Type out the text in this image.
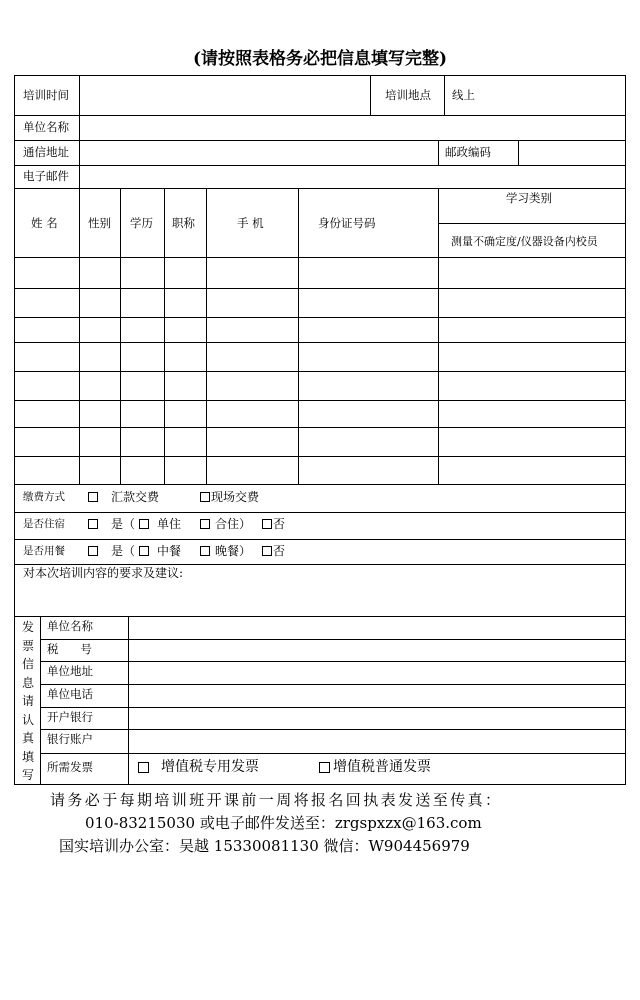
(请按照表格务必把信息填写完整)
培训时间	培训地点 线上
单位名称
通信地址	邮政编码
电子邮件
姓 名	性别 学历 职称	手 机	身份证号码
学习类别
测量不确定度/仪器设备内校员
缴费方式	汇款交费	现场交费
是否住宿	是（ 单住	合住） 否
是否用餐	是（ 中餐	晚餐） 否
对本次培训内容的要求及建议:
发
票
信
息
请
认
真
填
写
单位名称
税      号
单位地址
单位电话
开户银行
银行账户
所需发票	增值税专用发票	增值税普通发票
请务必于每期培训班开课前一周将报名回执表发送至传真：
010-83215030 或电子邮件发送至：zrgspxzx@163.com
国实培训办公室：吴越 15330081130 微信：W904456979
